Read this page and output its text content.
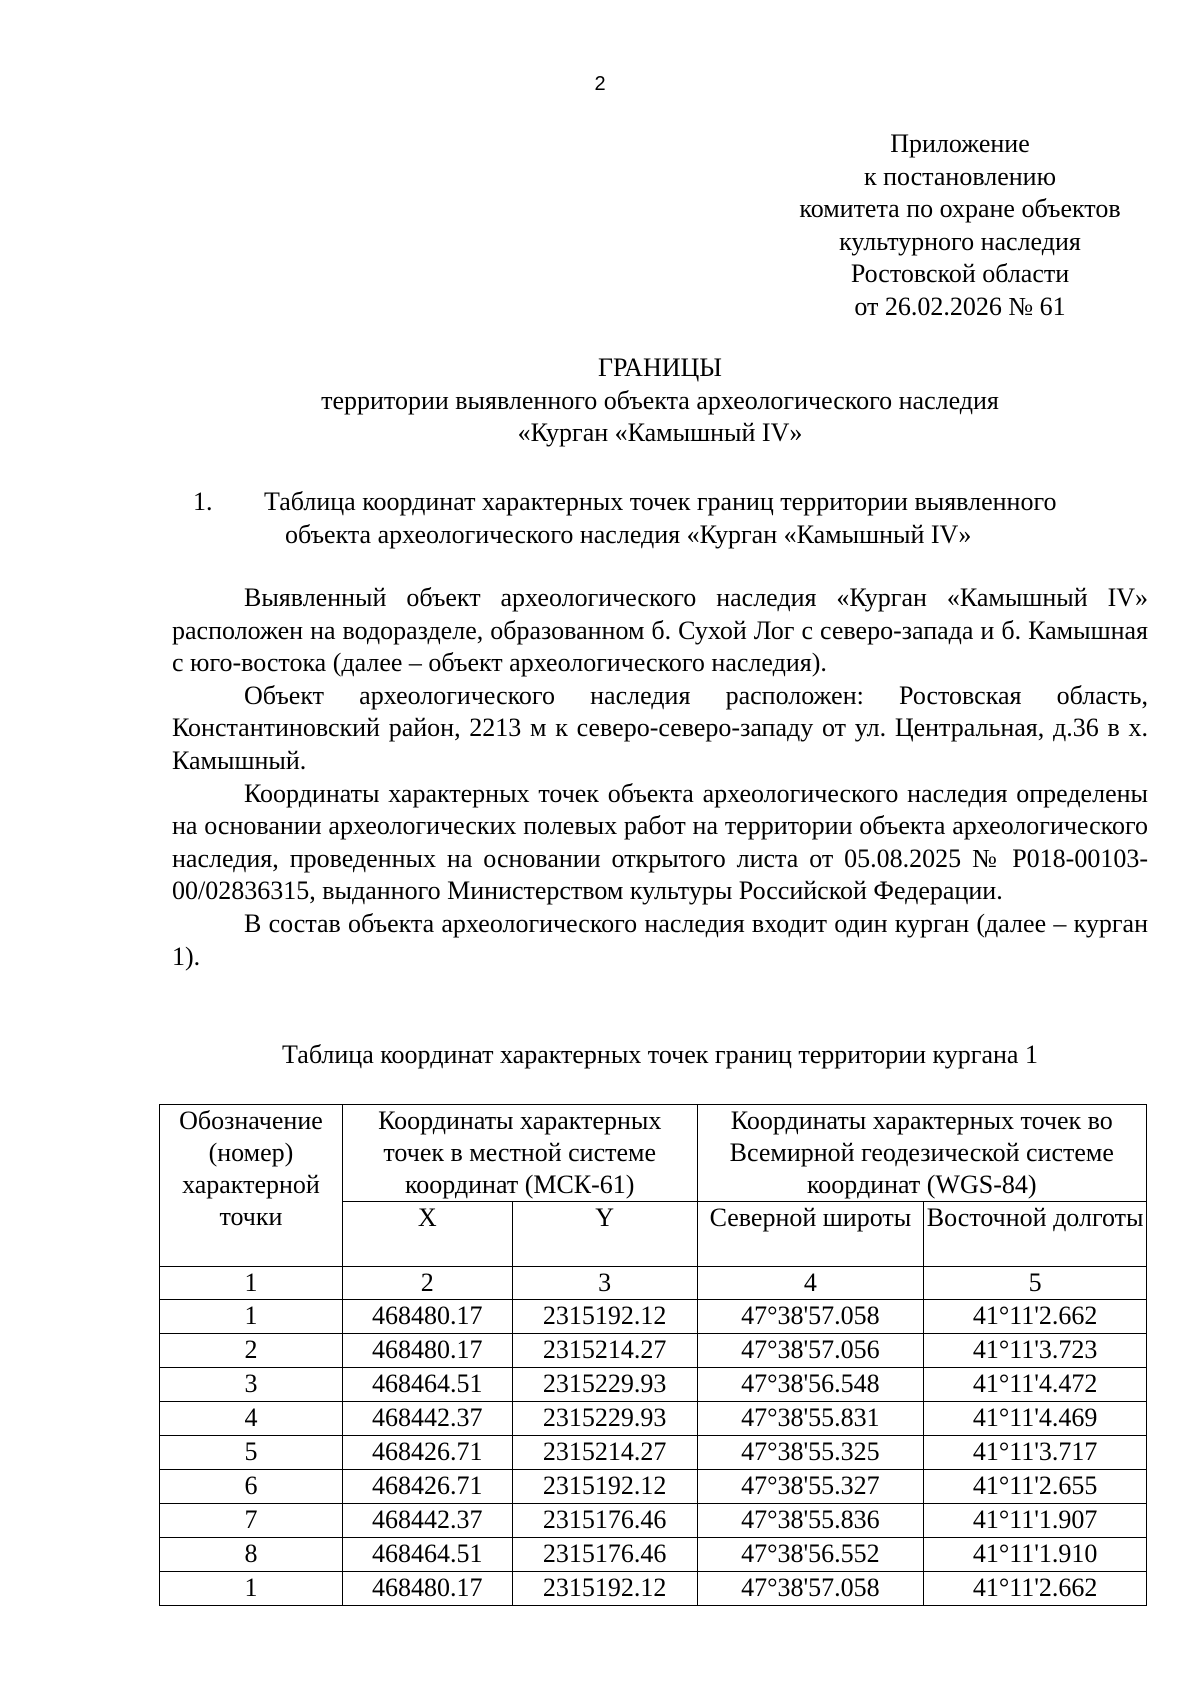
2
Приложение
к постановлению
комитета по охране объектов
культурного наследия
Ростовской области
от 26.02.2026 № 61
ГРАНИЦЫ
территории выявленного объекта археологического наследия
«Курган «Камышный IV»
1. Таблица координат характерных точек границ территории выявленного
объекта археологического наследия «Курган «Камышный IV»

Выявленный объект археологического наследия «Курган «Камышный IV» расположен на водоразделе, образованном б. Сухой Лог с северо-запада и б. Камышная с юго-востока (далее – объект археологического наследия).

Объект археологического наследия расположен: Ростовская область, Константиновский район, 2213 м к северо-северо-западу от ул. Центральная, д.36 в х. Камышный.

Координаты характерных точек объекта археологического наследия определены на основании археологических полевых работ на территории объекта археологического наследия, проведенных на основании открытого листа от 05.08.2025 № Р018-00103-00/02836315, выданного Министерством культуры Российской Федерации.

В состав объекта археологического наследия входит один курган (далее – курган 1).

Таблица координат характерных точек границ территории кургана 1
Обозначение (номер) характерной точки	Координаты характерных точек в местной системе координат (МСК-61)		Координаты характерных точек во Всемирной геодезической системе координат (WGS-84)	
	X	Y	Северной широты	Восточной долготы
1	2	3	4	5
1	468480.17	2315192.12	47°38'57.058	41°11'2.662
2	468480.17	2315214.27	47°38'57.056	41°11'3.723
3	468464.51	2315229.93	47°38'56.548	41°11'4.472
4	468442.37	2315229.93	47°38'55.831	41°11'4.469
5	468426.71	2315214.27	47°38'55.325	41°11'3.717
6	468426.71	2315192.12	47°38'55.327	41°11'2.655
7	468442.37	2315176.46	47°38'55.836	41°11'1.907
8	468464.51	2315176.46	47°38'56.552	41°11'1.910
1	468480.17	2315192.12	47°38'57.058	41°11'2.662
